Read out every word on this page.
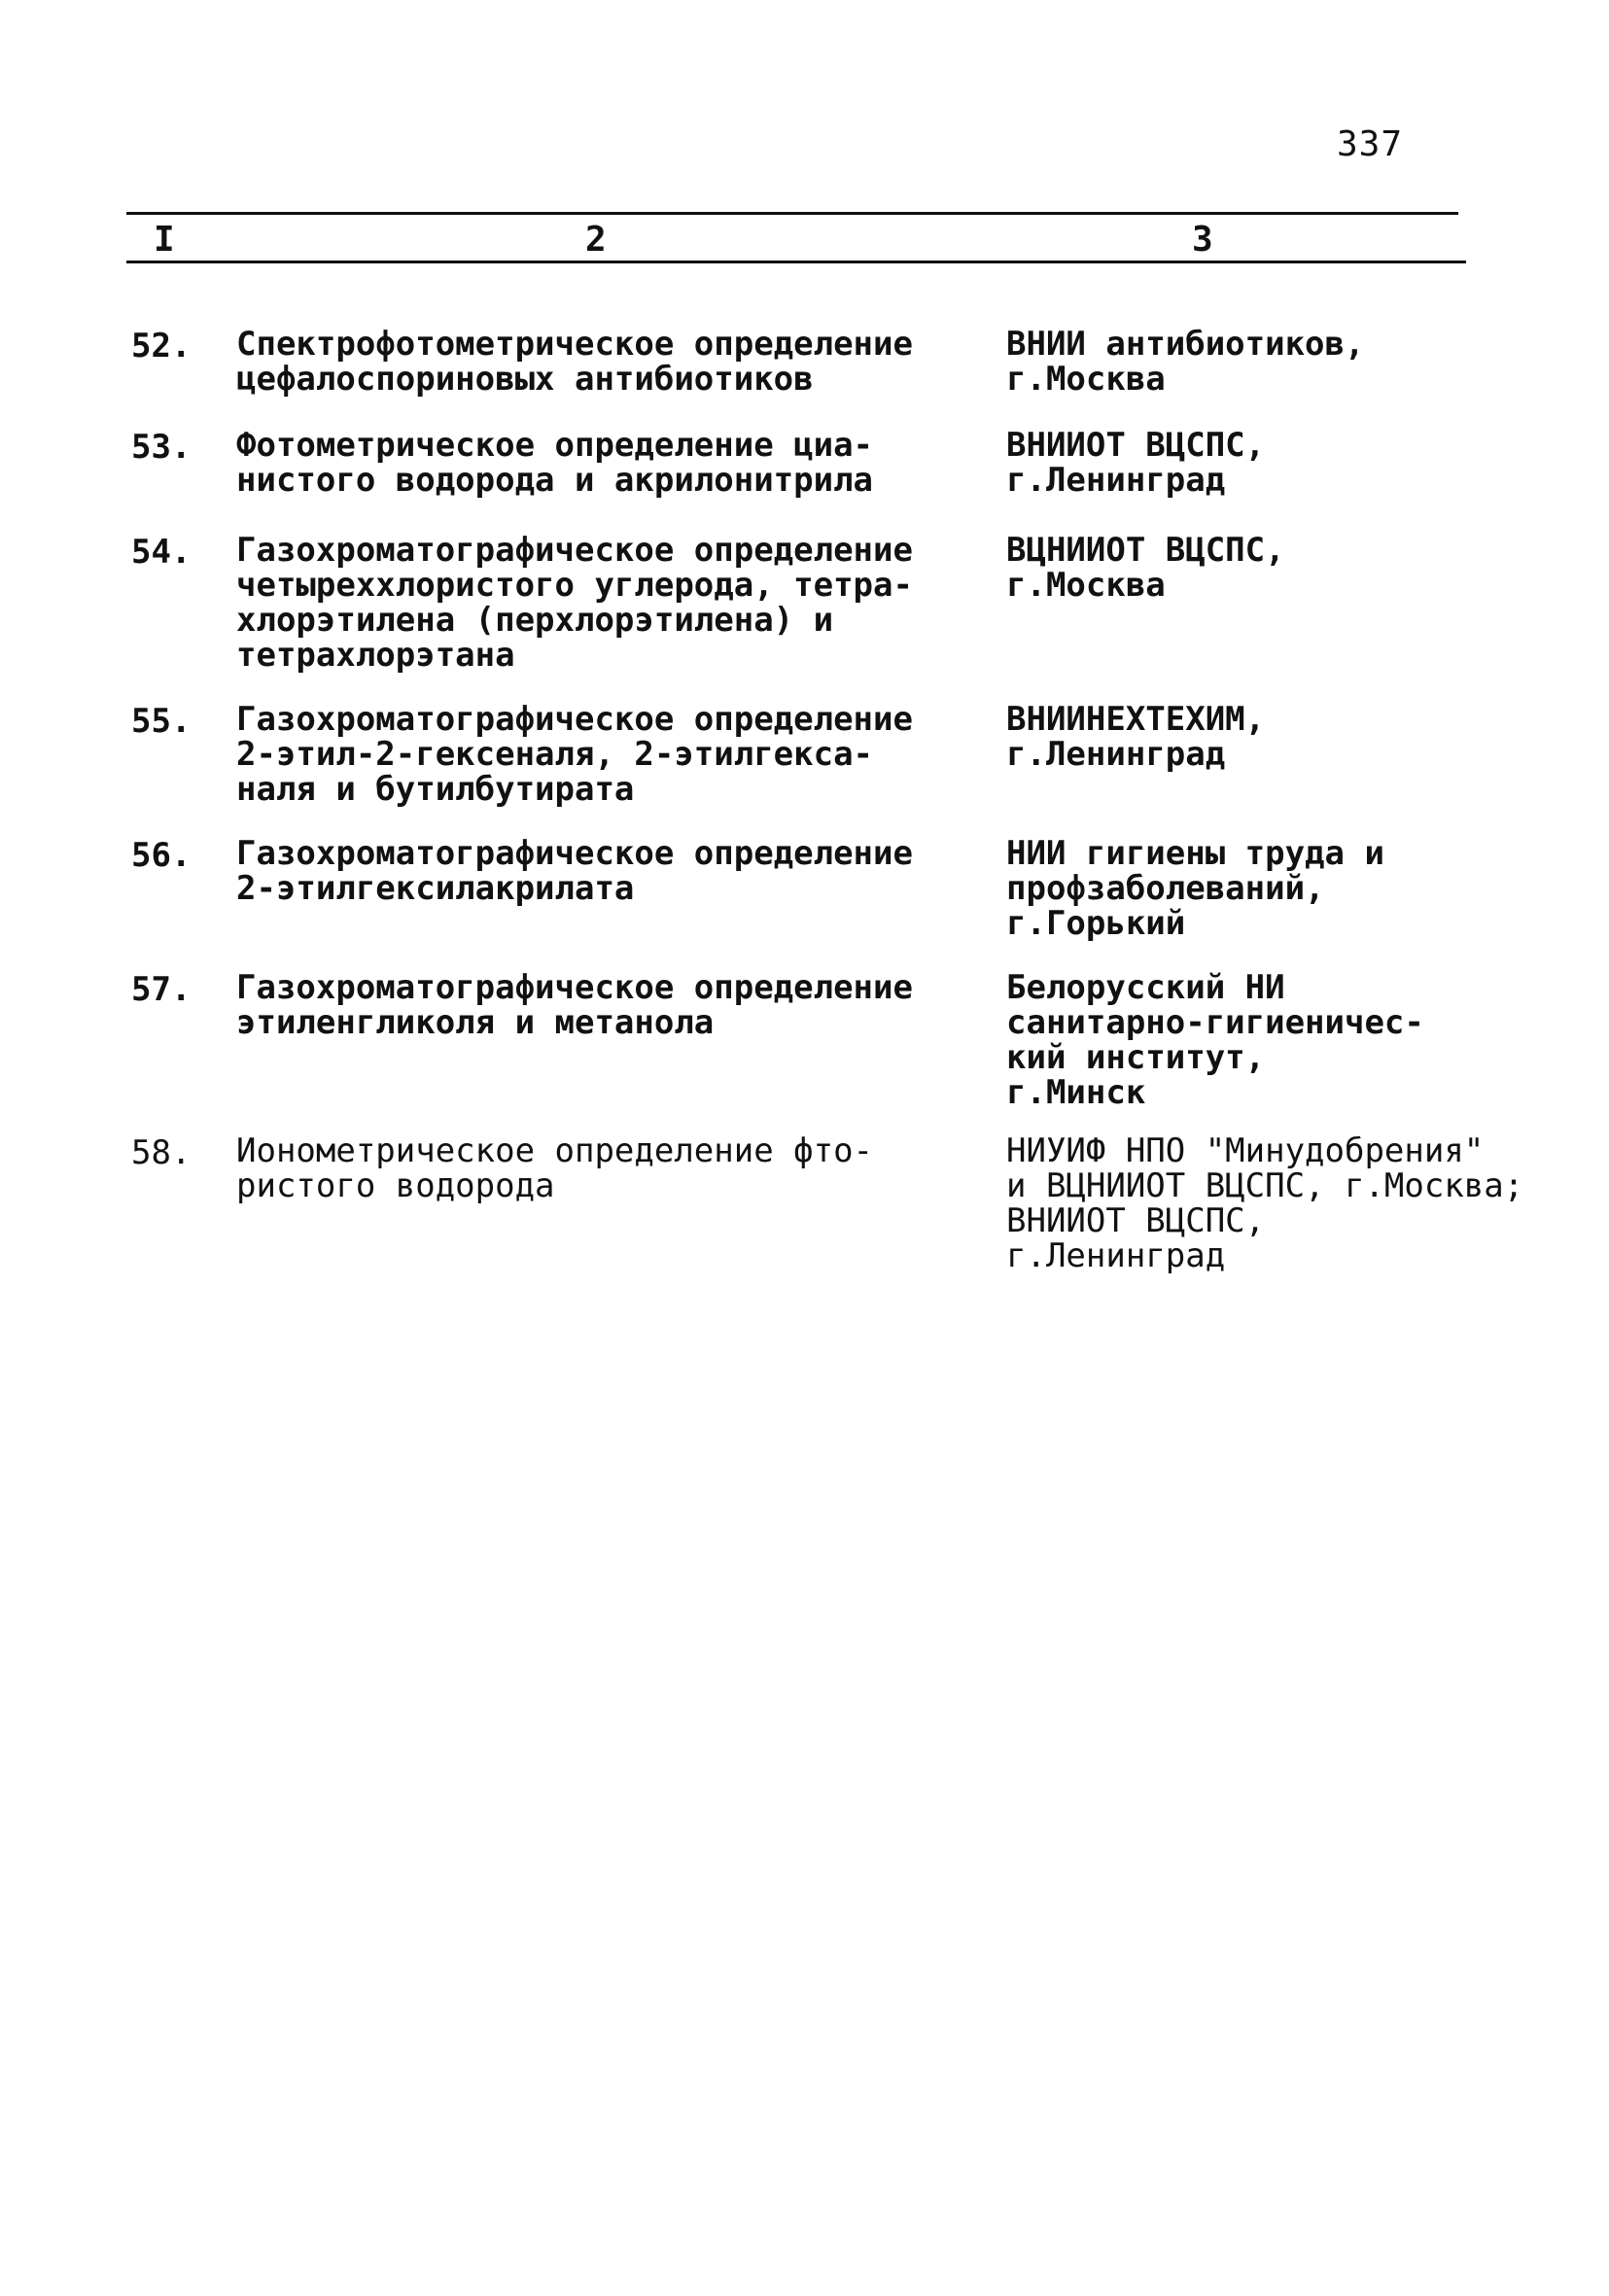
337
I	2	3
52. Спектрофотометрическое определение
цефалоспориновых антибиотиков
ВНИИ антибиотиков,
г.Москва
53. Фотометрическое определение циа-
нистого водорода и акрилонитрила
ВНИИОТ ВЦСПС,
г.Ленинград
54. Газохроматографическое определение
четыреххлористого углерода, тетра-
хлорэтилена (перхлорэтилена) и
тетрахлорэтана
ВЦНИИОТ ВЦСПС,
г.Москва
55. Газохроматографическое определение
2-этил-2-гексеналя, 2-этилгекса-
наля и бутилбутирата
ВНИИНЕХТЕХИМ,
г.Ленинград
56. Газохроматографическое определение
2-этилгексилакрилата
НИИ гигиены труда и
профзаболеваний,
г.Горький
57. Газохроматографическое определение
этиленгликоля и метанола
Белорусский НИ
санитарно-гигиеничес-
кий институт,
г.Минск
58. Ионометрическое определение фто-
ристого водорода
НИУИФ НПО "Минудобрения"
и ВЦНИИОТ ВЦСПС, г.Москва;
ВНИИОТ ВЦСПС,
г.Ленинград
